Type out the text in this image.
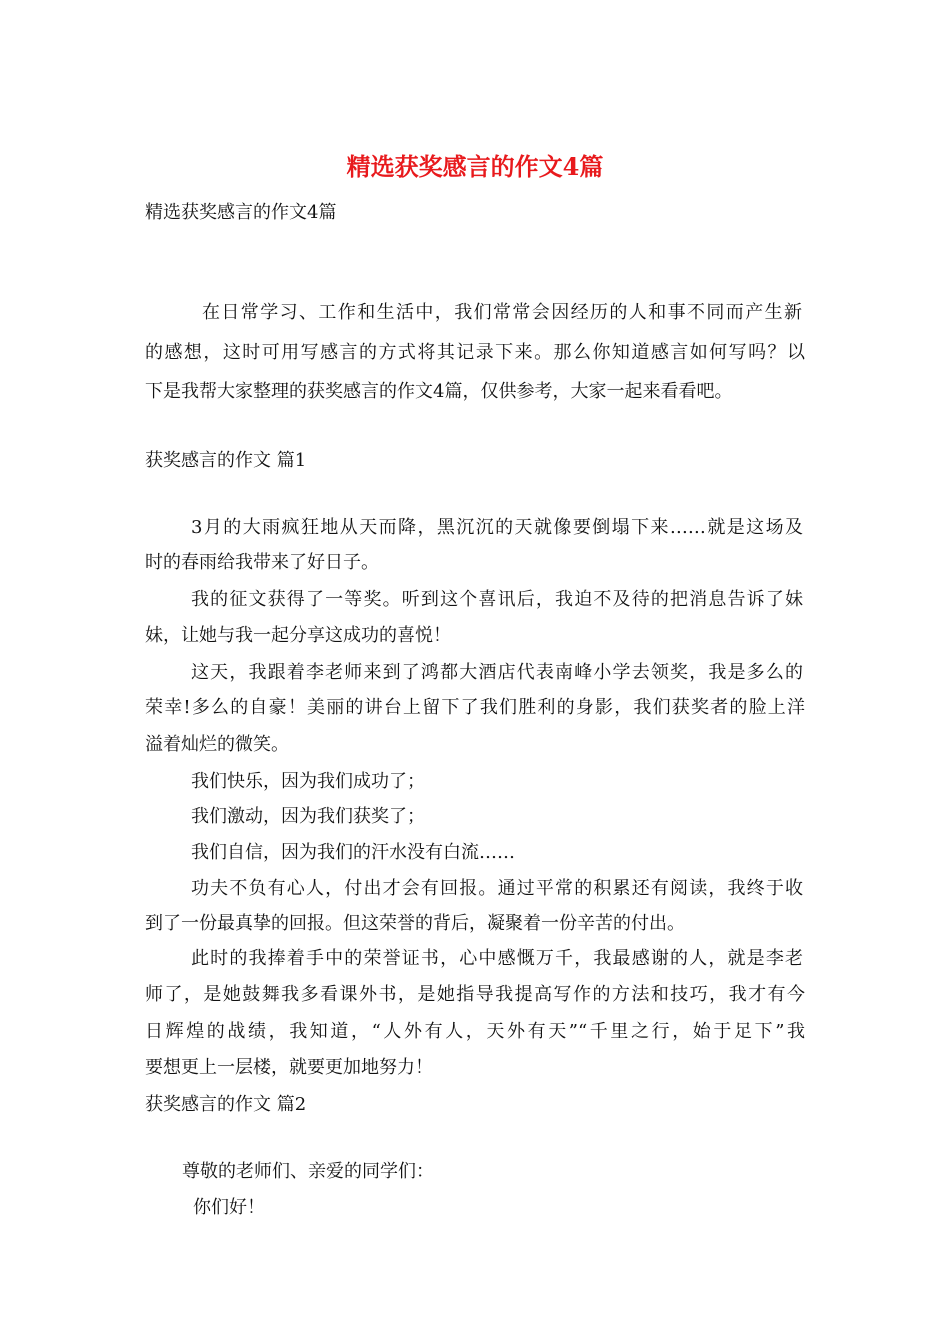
精选获奖感言的作文4篇
精选获奖感言的作文4篇
在日常学习、工作和生活中，我们常常会因经历的人和事不同而产生新
的感想，这时可用写感言的方式将其记录下来。那么你知道感言如何写吗？以
下是我帮大家整理的获奖感言的作文4篇，仅供参考，大家一起来看看吧。
获奖感言的作文 篇1
3月的大雨疯狂地从天而降，黑沉沉的天就像要倒塌下来……就是这场及
时的春雨给我带来了好日子。
我的征文获得了一等奖。听到这个喜讯后，我迫不及待的把消息告诉了妹
妹，让她与我一起分享这成功的喜悦！
这天，我跟着李老师来到了鸿都大酒店代表南峰小学去领奖，我是多么的
荣幸!多么的自豪！美丽的讲台上留下了我们胜利的身影，我们获奖者的脸上洋
溢着灿烂的微笑。
我们快乐，因为我们成功了；
我们激动，因为我们获奖了；
我们自信，因为我们的汗水没有白流……
功夫不负有心人，付出才会有回报。通过平常的积累还有阅读，我终于收
到了一份最真挚的回报。但这荣誉的背后，凝聚着一份辛苦的付出。
此时的我捧着手中的荣誉证书，心中感慨万千，我最感谢的人，就是李老
师了，是她鼓舞我多看课外书，是她指导我提高写作的方法和技巧，我才有今
日辉煌的战绩，我知道，“人外有人，天外有天”“千里之行，始于足下”我
要想更上一层楼，就要更加地努力！
获奖感言的作文 篇2
尊敬的老师们、亲爱的同学们：
你们好！
